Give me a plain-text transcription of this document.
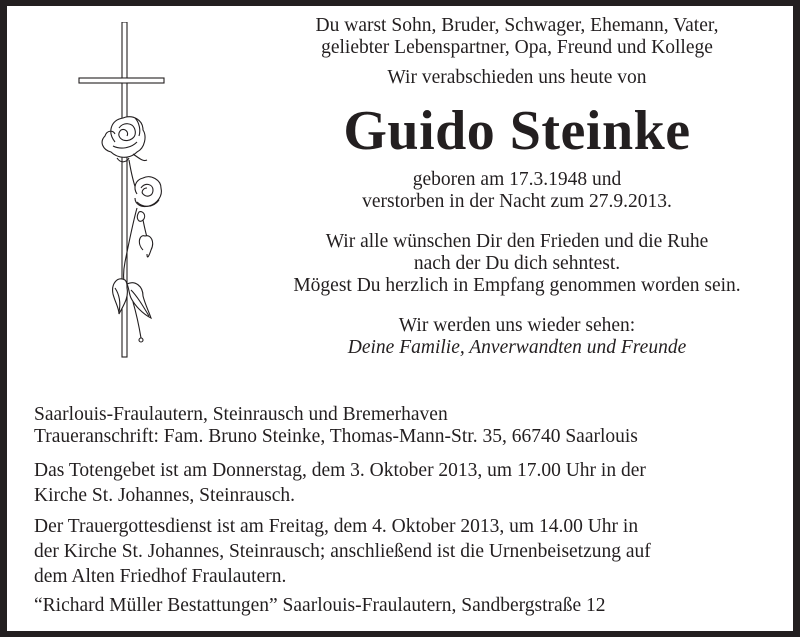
Du warst Sohn, Bruder, Schwager, Ehemann, Vater,
geliebter Lebenspartner, Opa, Freund und Kollege
Wir verabschieden uns heute von
Guido Steinke
geboren am 17.3.1948 und
verstorben in der Nacht zum 27.9.2013.
Wir alle wünschen Dir den Frieden und die Ruhe
nach der Du dich sehntest.
Mögest Du herzlich in Empfang genommen worden sein.
Wir werden uns wieder sehen:
Deine Familie, Anverwandten und Freunde
Saarlouis-Fraulautern, Steinrausch und Bremerhaven
Traueranschrift: Fam. Bruno Steinke, Thomas-Mann-Str. 35, 66740 Saarlouis
Das Totengebet ist am Donnerstag, dem 3. Oktober 2013, um 17.00 Uhr in der
Kirche St. Johannes, Steinrausch.
Der Trauergottesdienst ist am Freitag, dem 4. Oktober 2013, um 14.00 Uhr in
der Kirche St. Johannes, Steinrausch; anschließend ist die Urnenbeisetzung auf
dem Alten Friedhof Fraulautern.
“Richard Müller Bestattungen” Saarlouis-Fraulautern, Sandbergstraße 12
